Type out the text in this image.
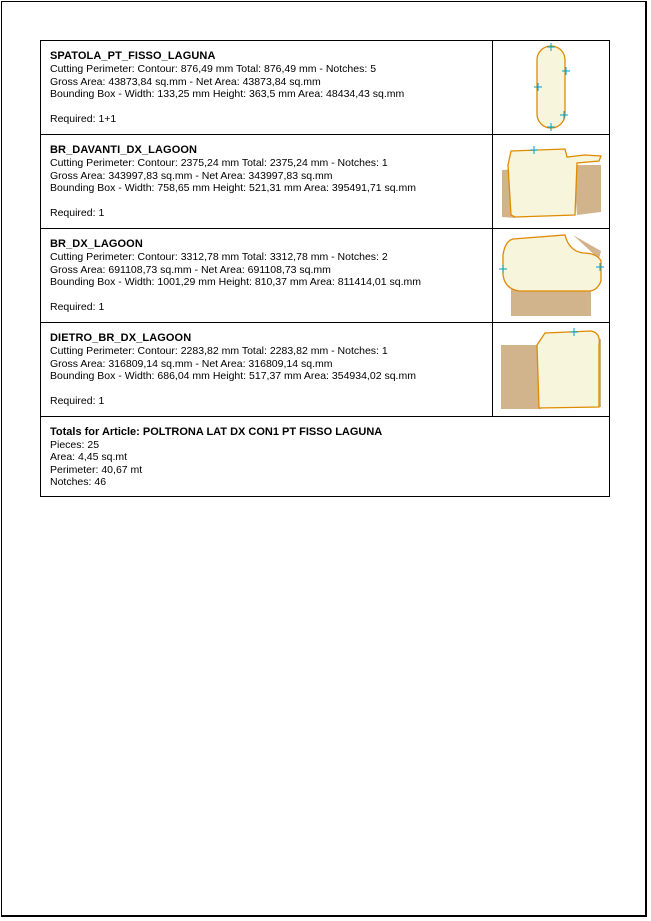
SPATOLA_PT_FISSO_LAGUNA
Cutting Perimeter: Contour: 876,49 mm Total: 876,49 mm - Notches: 5
Gross Area: 43873,84 sq.mm - Net Area: 43873,84 sq.mm
Bounding Box - Width: 133,25 mm Height: 363,5 mm Area: 48434,43 sq.mm
Required: 1+1
BR_DAVANTI_DX_LAGOON
Cutting Perimeter: Contour: 2375,24 mm Total: 2375,24 mm - Notches: 1
Gross Area: 343997,83 sq.mm - Net Area: 343997,83 sq.mm
Bounding Box - Width: 758,65 mm Height: 521,31 mm Area: 395491,71 sq.mm
Required: 1
BR_DX_LAGOON
Cutting Perimeter: Contour: 3312,78 mm Total: 3312,78 mm - Notches: 2
Gross Area: 691108,73 sq.mm - Net Area: 691108,73 sq.mm
Bounding Box - Width: 1001,29 mm Height: 810,37 mm Area: 811414,01 sq.mm
Required: 1
DIETRO_BR_DX_LAGOON
Cutting Perimeter: Contour: 2283,82 mm Total: 2283,82 mm - Notches: 1
Gross Area: 316809,14 sq.mm - Net Area: 316809,14 sq.mm
Bounding Box - Width: 686,04 mm Height: 517,37 mm Area: 354934,02 sq.mm
Required: 1
Totals for Article: POLTRONA LAT DX CON1 PT FISSO LAGUNA
Pieces: 25
Area: 4,45 sq.mt
Perimeter: 40,67 mt
Notches: 46
